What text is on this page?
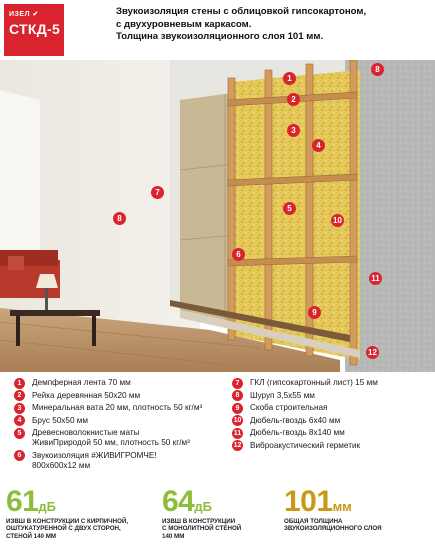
ИЗЕЛ ✔
СТКД-5
Звукоизоляция стены с облицовкой гипсокартоном,
с двухуровневым каркасом.
Толщина звукоизоляционного слоя 101 мм.
1
2
3
4
5
6
7
8
8
9
10
11
12
1	Демпферная лента 70 мм
2	Рейка деревянная 50х20 мм
3	Минеральная вата 20 мм, плотность 50 кг/м³
4	Брус 50х50 мм
5	Древесноволокнистые маты
ЖивиПриродой 50 мм, плотность 50 кг/м³
6	Звукоизоляция #ЖИВИГРОМЧЕ!
800х600х12 мм
7	ГКЛ (гипсокартонный лист) 15 мм
8	Шуруп 3,5х55 мм
9	Скоба строительная
10 Дюбель-гвоздь 6х40 мм
11 Дюбель-гвоздь 8х140 мм
12 Виброакустический герметик
61дБ
ИЗВШ В КОНСТРУКЦИИ С КИРПИЧНОЙ,
ОШТУКАТУРЕННОЙ С ДВУХ СТОРОН,
СТЕНОЙ 140 ММ
64дБ
ИЗВШ В КОНСТРУКЦИИ
С МОНОЛИТНОЙ СТЕНОЙ
140 ММ
101мм
ОБЩАЯ ТОЛЩИНА
ЗВУКОИЗОЛЯЦИОННОГО СЛОЯ
